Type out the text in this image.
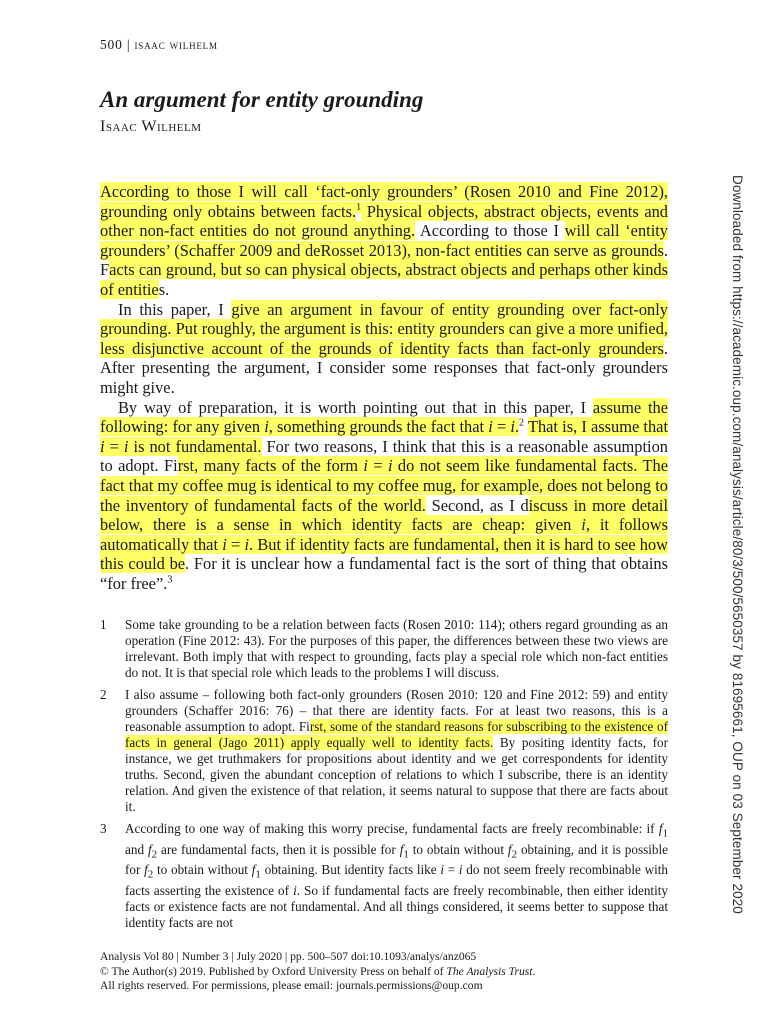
500 | isaac wilhelm
An argument for entity grounding
Isaac Wilhelm

According to those I will call ‘fact-only grounders’ (Rosen 2010 and Fine 2012), grounding only obtains between facts.$^1$ Physical objects, abstract objects, events and other non-fact entities do not ground anything. According to those I will call ‘entity grounders’ (Schaffer 2009 and deRosset 2013), non-fact entities can serve as grounds. Facts can ground, but so can physical objects, abstract objects and perhaps other kinds of entities.

In this paper, I give an argument in favour of entity grounding over fact-only grounding. Put roughly, the argument is this: entity grounders can give a more unified, less disjunctive account of the grounds of identity facts than fact-only grounders. After presenting the argument, I consider some responses that fact-only grounders might give.

By way of preparation, it is worth pointing out that in this paper, I assume the following: for any given i, something grounds the fact that i = i.$^2$ That is, I assume that i = i is not fundamental. For two reasons, I think that this is a reasonable assumption to adopt. First, many facts of the form i = i do not seem like fundamental facts. The fact that my coffee mug is identical to my coffee mug, for example, does not belong to the inventory of fundamental facts of the world. Second, as I discuss in more detail below, there is a sense in which identity facts are cheap: given i, it follows automatically that i = i. But if identity facts are fundamental, then it is hard to see how this could be. For it is unclear how a fundamental fact is the sort of thing that obtains “for free”.$^3$

1	Some take grounding to be a relation between facts (Rosen 2010: 114); others regard grounding as an operation (Fine 2012: 43). For the purposes of this paper, the differences between these two views are irrelevant. Both imply that with respect to grounding, facts play a special role which non-fact entities do not. It is that special role which leads to the problems I will discuss.
2	I also assume – following both fact-only grounders (Rosen 2010: 120 and Fine 2012: 59) and entity grounders (Schaffer 2016: 76) – that there are identity facts. For at least two reasons, this is a reasonable assumption to adopt. First, some of the standard reasons for subscribing to the existence of facts in general (Jago 2011) apply equally well to identity facts. By positing identity facts, for instance, we get truthmakers for propositions about identity and we get correspondents for identity truths. Second, given the abundant conception of relations to which I subscribe, there is an identity relation. And given the existence of that relation, it seems natural to suppose that there are facts about it.
3	According to one way of making this worry precise, fundamental facts are freely recombinable: if $f_1$ and $f_2$ are fundamental facts, then it is possible for $f_1$ to obtain without $f_2$ obtaining, and it is possible for $f_2$ to obtain without $f_1$ obtaining. But identity facts like i = i do not seem freely recombinable with facts asserting the existence of i. So if fundamental facts are freely recombinable, then either identity facts or existence facts are not fundamental. And all things considered, it seems better to suppose that identity facts are not
Analysis Vol 80 | Number 3 | July 2020 | pp. 500–507 doi:10.1093/analys/anz065
© The Author(s) 2019. Published by Oxford University Press on behalf of The Analysis Trust.
All rights reserved. For permissions, please email: journals.permissions@oup.com
Downloaded from https://academic.oup.com/analysis/article/80/3/500/5650357 by 81695661, OUP on 03 September 2020
